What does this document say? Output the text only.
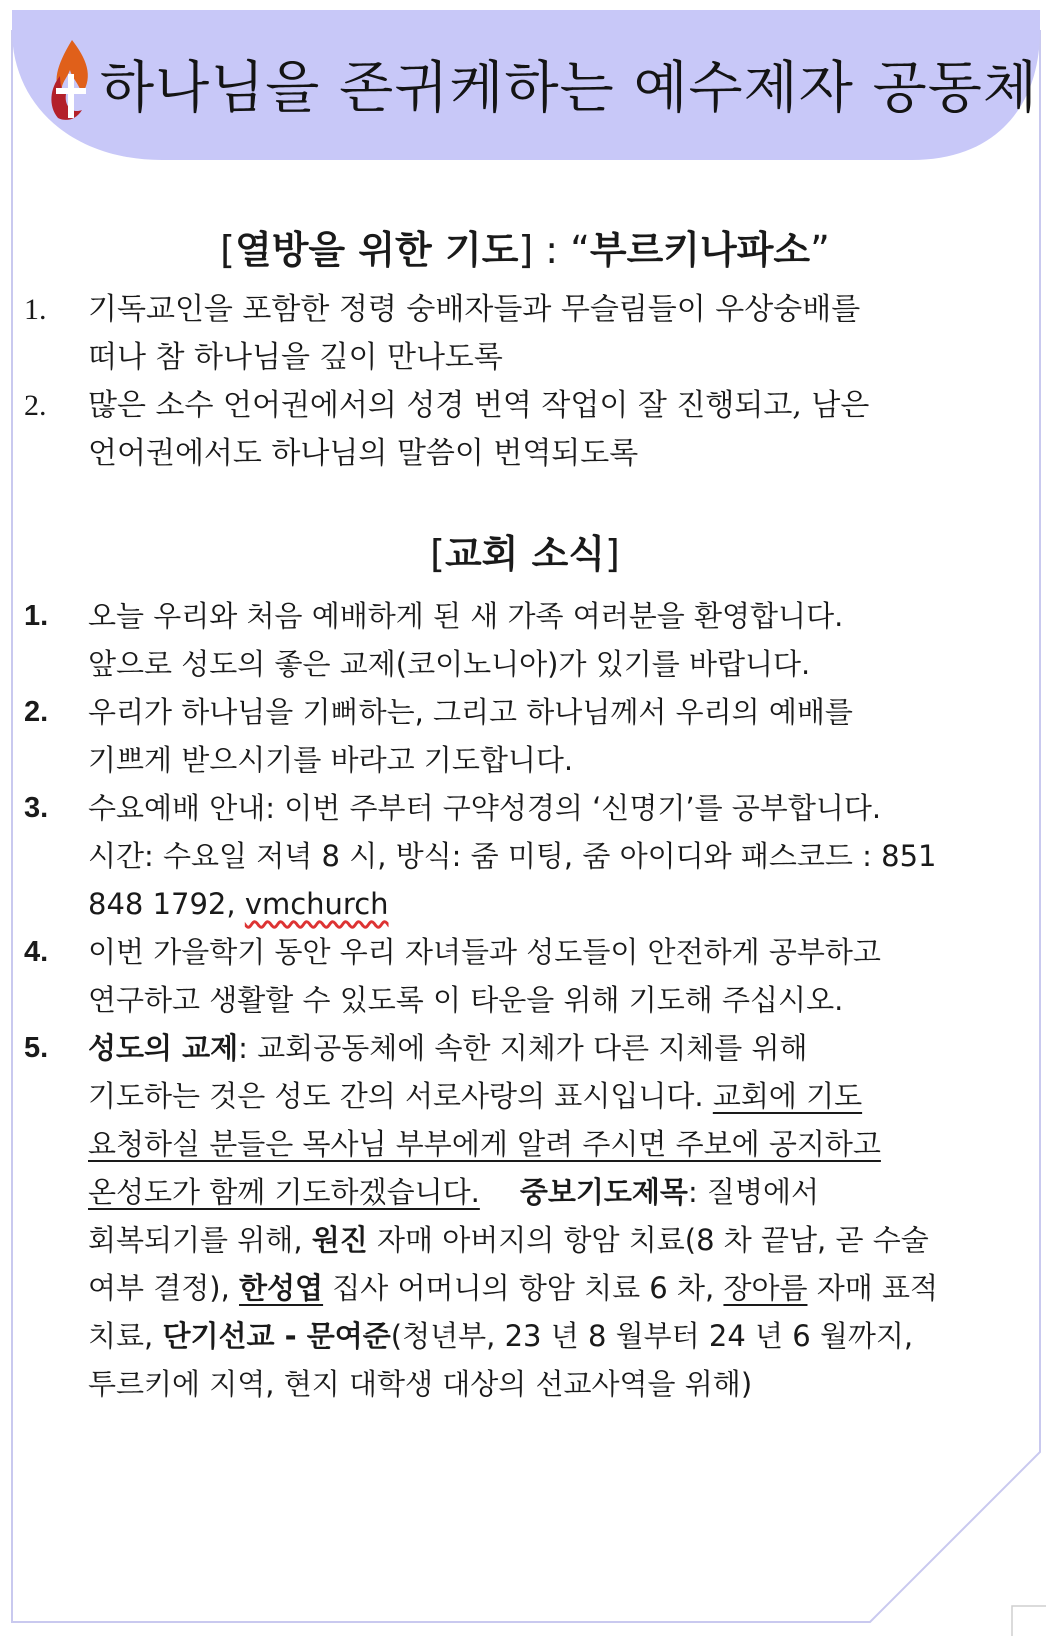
하나님을 존귀케하는 예수제자 공동체
[열방을 위한 기도] : “부르키나파소”
1. 기독교인을 포함한 정령 숭배자들과 무슬림들이 우상숭배를
떠나 참 하나님을 깊이 만나도록
2. 많은 소수 언어권에서의 성경 번역 작업이 잘 진행되고, 남은
언어권에서도 하나님의 말씀이 번역되도록
[교회 소식]
1. 오늘 우리와 처음 예배하게 된 새 가족 여러분을 환영합니다.
앞으로 성도의 좋은 교제(코이노니아)가 있기를 바랍니다.
2. 우리가 하나님을 기뻐하는, 그리고 하나님께서 우리의 예배를
기쁘게 받으시기를 바라고 기도합니다.
3. 수요예배 안내: 이번 주부터 구약성경의 ‘신명기’를 공부합니다.
시간: 수요일 저녁 8 시, 방식: 줌 미팅, 줌 아이디와 패스코드 : 851
848 1792, vmchurch
4. 이번 가을학기 동안 우리 자녀들과 성도들이 안전하게 공부하고
연구하고 생활할 수 있도록 이 타운을 위해 기도해 주십시오.
5. 성도의 교제: 교회공동체에 속한 지체가 다른 지체를 위해
기도하는 것은 성도 간의 서로사랑의 표시입니다. 교회에 기도
요청하실 분들은 목사님 부부에게 알려 주시면 주보에 공지하고
온성도가 함께 기도하겠습니다. 중보기도제목: 질병에서
회복되기를 위해, 원진 자매 아버지의 항암 치료(8 차 끝남, 곧 수술
여부 결정), 한성엽 집사 어머니의 항암 치료 6 차, 장아름 자매 표적
치료, 단기선교 - 문여준(청년부, 23 년 8 월부터 24 년 6 월까지,
투르키에 지역, 현지 대학생 대상의 선교사역을 위해)
